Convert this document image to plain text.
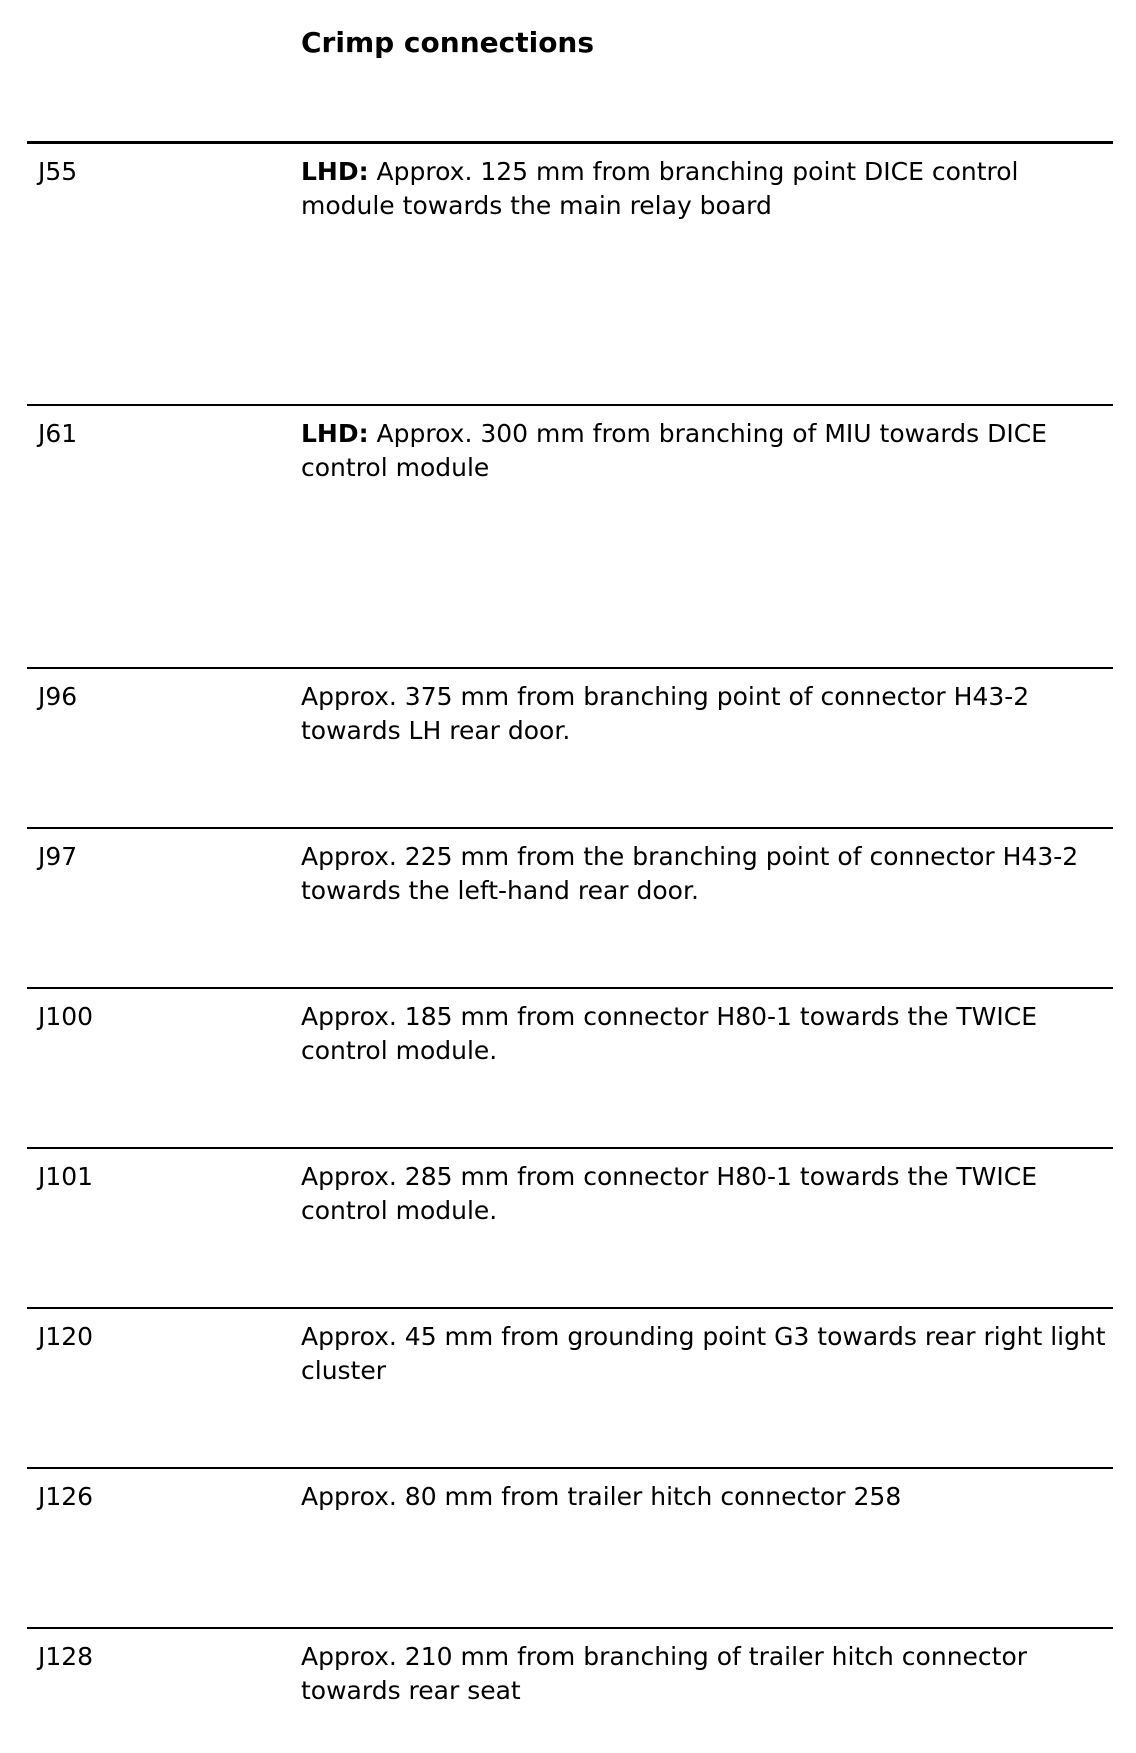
Crimp connections
J55	LHD: Approx. 125 mm from branching point DICE control module towards the main relay board
J61	LHD: Approx. 300 mm from branching of MIU towards DICE control module
J96	Approx. 375 mm from branching point of connector H43-2 towards LH rear door.
J97	Approx. 225 mm from the branching point of connector H43-2 towards the left-hand rear door.
J100	Approx. 185 mm from connector H80-1 towards the TWICE control module.
J101	Approx. 285 mm from connector H80-1 towards the TWICE control module.
J120	Approx. 45 mm from grounding point G3 towards rear right light cluster
J126	Approx. 80 mm from trailer hitch connector 258
J128	Approx. 210 mm from branching of trailer hitch connector towards rear seat
